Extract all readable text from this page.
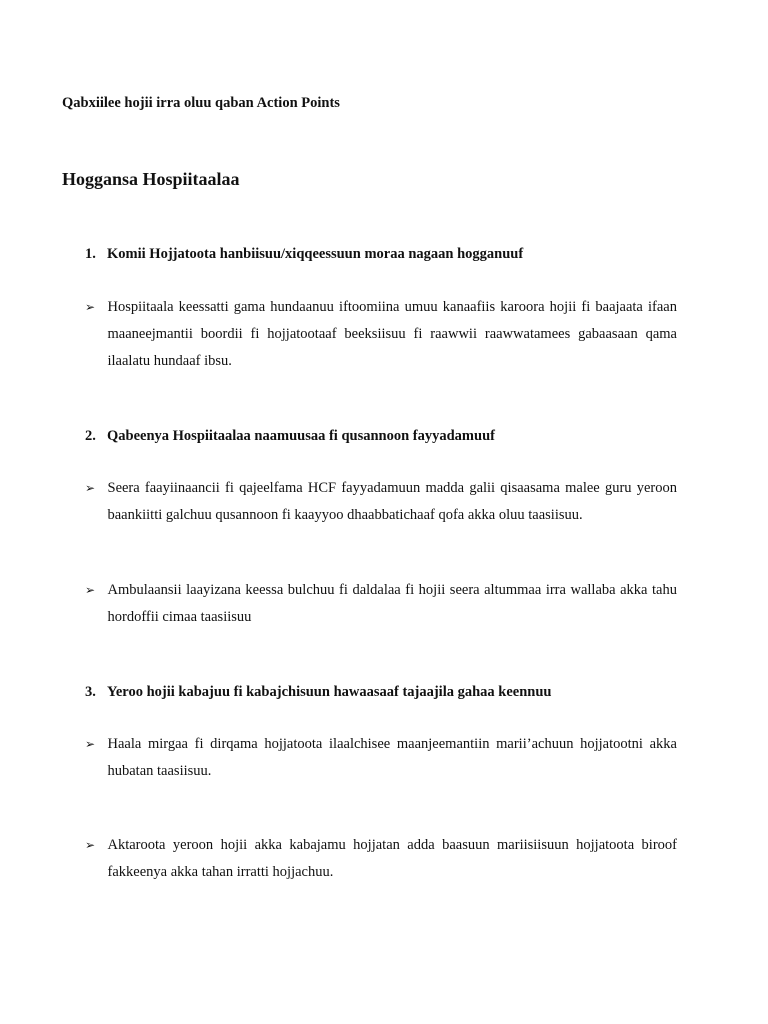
Qabxiilee hojii irra oluu qaban Action Points

Hoggansa Hospiitaalaa

1. Komii Hojjatoota hanbiisuu/xiqqeessuun moraa nagaan hogganuuf

➢ Hospiitaala keessatti gama hundaanuu iftoomiina umuu kanaafiis karoora hojii fi baajaata ifaan maaneejmantii boordii fi hojjatootaaf beeksiisuu fi raawwii raawwatamees gabaasaan qama ilaalatu hundaaf ibsu.

2. Qabeenya Hospiitaalaa naamuusaa fi qusannoon fayyadamuuf

➢ Seera faayiinaancii fi qajeelfama HCF fayyadamuun madda galii qisaasama malee guru yeroon baankiitti galchuu qusannoon fi kaayyoo dhaabbatichaaf qofa akka oluu taasiisuu.
➢ Ambulaansii laayizana keessa bulchuu fi daldalaa fi hojii seera altummaa irra wallaba akka tahu hordoffii cimaa taasiisuu

3. Yeroo hojii kabajuu fi kabajchisuun hawaasaaf tajaajila gahaa keennuu

➢ Haala mirgaa fi dirqama hojjatoota ilaalchisee maanjeemantiin marii’achuun hojjatootni akka hubatan taasiisuu.
➢ Aktaroota yeroon hojii akka kabajamu hojjatan adda baasuun mariisiisuun hojjatoota biroof fakkeenya akka tahan irratti hojjachuu.
